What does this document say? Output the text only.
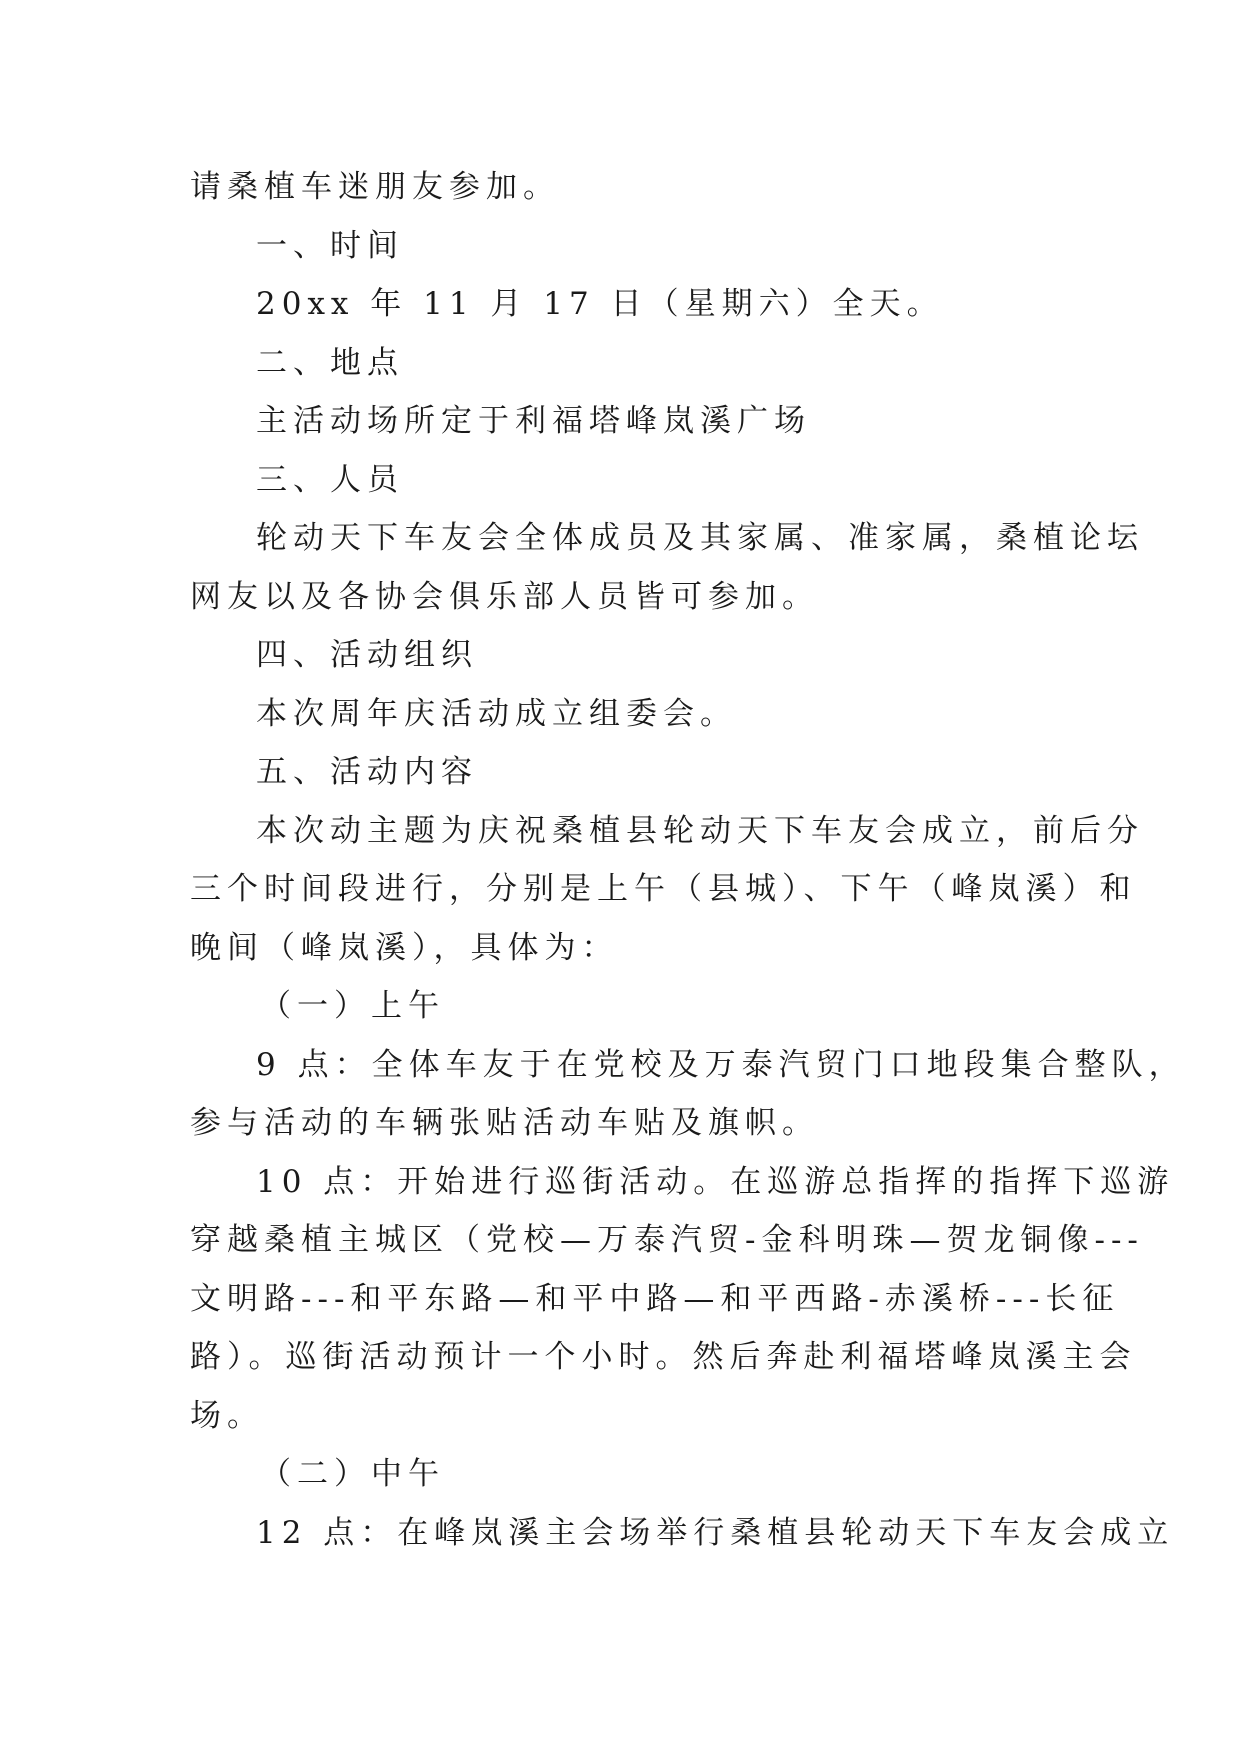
请桑植车迷朋友参加。
一、时间
20xx 年 11 月 17 日（星期六）全天。
二、地点
主活动场所定于利福塔峰岚溪广场
三、人员
轮动天下车友会全体成员及其家属、准家属，桑植论坛
网友以及各协会俱乐部人员皆可参加。
四、活动组织
本次周年庆活动成立组委会。
五、活动内容
本次动主题为庆祝桑植县轮动天下车友会成立，前后分
三个时间段进行，分别是上午（县城）、下午（峰岚溪）和
晚间（峰岚溪），具体为：
（一）上午
9 点：全体车友于在党校及万泰汽贸门口地段集合整队，
参与活动的车辆张贴活动车贴及旗帜。
10 点：开始进行巡街活动。在巡游总指挥的指挥下巡游
穿越桑植主城区（党校—万泰汽贸-金科明珠—贺龙铜像---
文明路---和平东路—和平中路—和平西路-赤溪桥---长征
路）。巡街活动预计一个小时。然后奔赴利福塔峰岚溪主会
场。
（二）中午
12 点：在峰岚溪主会场举行桑植县轮动天下车友会成立
